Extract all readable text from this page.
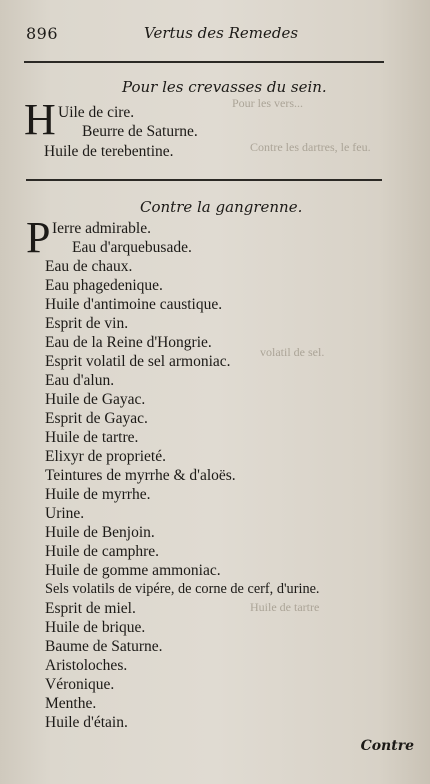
Pour les vers...
Contre les dartres, le feu.
volatil de sel.
Huile de tartre
896	Vertus des Remedes
Pour les crevasses du sein.
H Uile de cire.
Beurre de Saturne.
Huile de terebentine.
Contre la gangrenne.
P Ierre admirable.
Eau d'arquebusade.
Eau de chaux.
Eau phagedenique.
Huile d'antimoine caustique.
Esprit de vin.
Eau de la Reine d'Hongrie.
Esprit volatil de sel armoniac.
Eau d'alun.
Huile de Gayac.
Esprit de Gayac.
Huile de tartre.
Elixyr de proprieté.
Teintures de myrrhe & d'aloës.
Huile de myrrhe.
Urine.
Huile de Benjoin.
Huile de camphre.
Huile de gomme ammoniac.
Sels volatils de vipére, de corne de cerf, d'urine.
Esprit de miel.
Huile de brique.
Baume de Saturne.
Aristoloches.
Véronique.
Menthe.
Huile d'étain.
Contre
